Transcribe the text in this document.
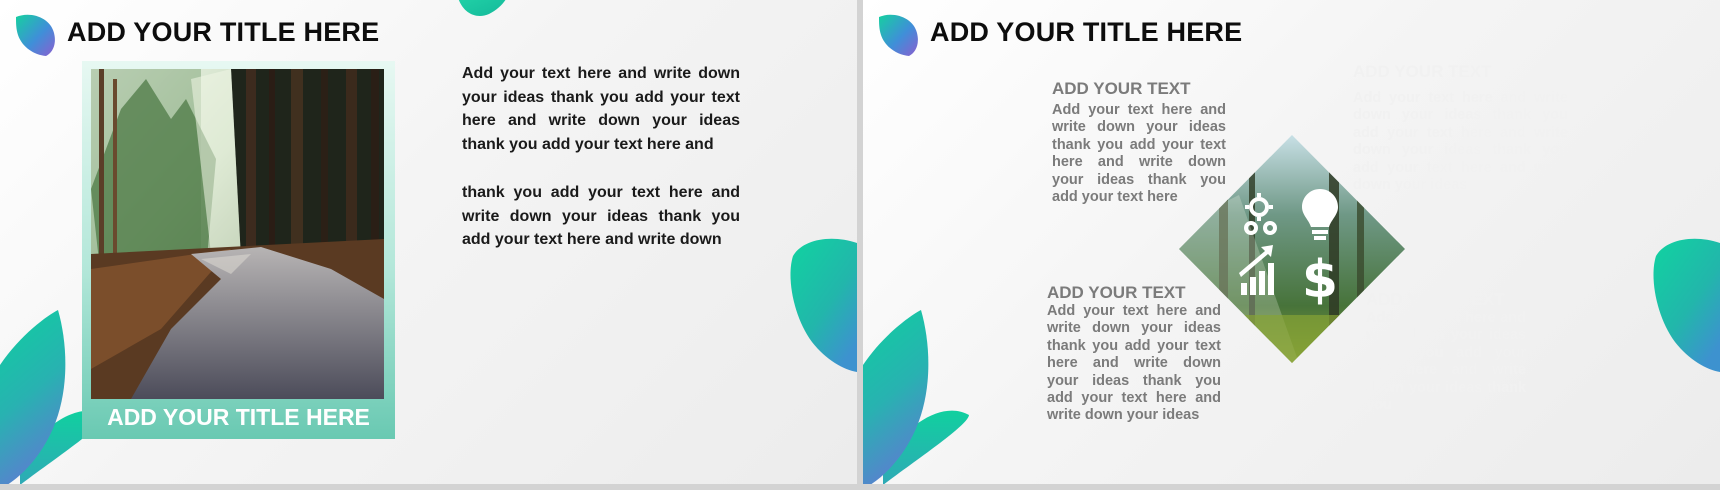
ADD YOUR TITLE HERE

ADD YOUR TITLE HERE

Add your text here and write down your ideas thank you add your text here and write down your ideas thank you add your text here and

thank you add your text here and write down your ideas thank you add your text here and write down

ADD YOUR TITLE HERE
ADD YOUR TEXT

Add your text here and write down your ideas thank you add your text here and write down your ideas thank you add your text here

ADD YOUR TEXT

Add your text here and write down your ideas thank you add your text here and write down your ideas thank you add your text here and write down your ideas

ADD YOUR TEXT

Add your text here and write down your ideas thank you add your text here and write down your ideas thank you add your text here and write down your ideas

ADD YOUR TEXT

Add your text here and write down your ideas thank you add your text here and write down your ideas thank you

$
